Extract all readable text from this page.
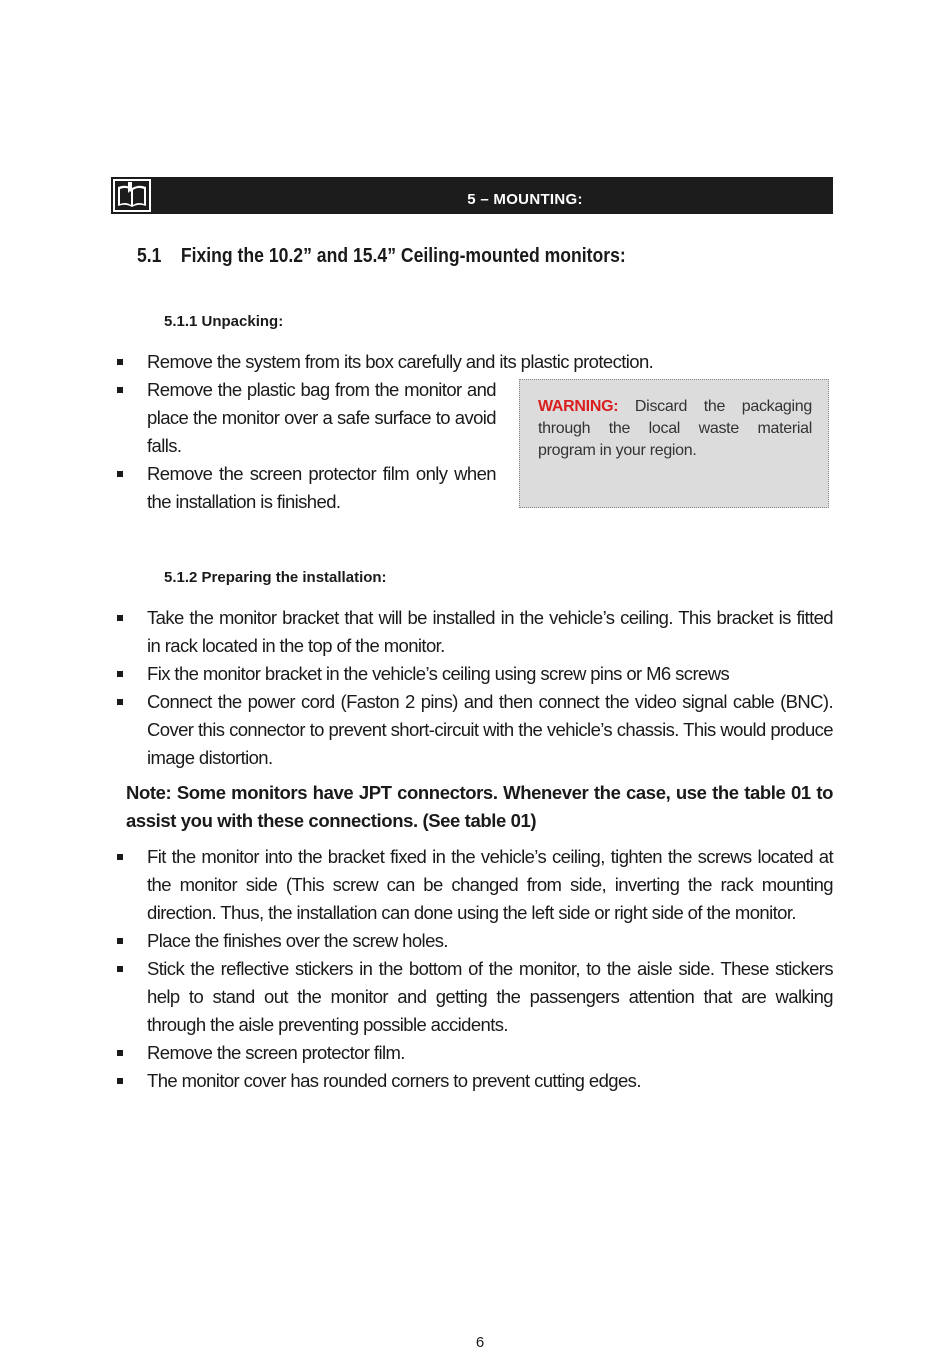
5 – MOUNTING:
5.1 Fixing the 10.2” and 15.4” Ceiling-mounted monitors:
5.1.1 Unpacking:
Remove the system from its box carefully and its plastic protection.
Remove the plastic bag from the monitor and place the monitor over a safe surface to avoid falls.
Remove the screen protector film only when the installation is finished.
WARNING: Discard the packaging through the local waste material program in your region.
5.1.2 Preparing the installation:
Take the monitor bracket that will be installed in the vehicle’s ceiling. This bracket is fitted in rack located in the top of the monitor.
Fix the monitor bracket in the vehicle’s ceiling using screw pins or M6 screws
Connect the power cord (Faston 2 pins) and then connect the video signal cable (BNC). Cover this connector to prevent short-circuit with the vehicle’s chassis. This would produce image distortion.
Note: Some monitors have JPT connectors. Whenever the case, use the table 01 to assist you with these connections. (See table 01)
Fit the monitor into the bracket fixed in the vehicle’s ceiling, tighten the screws located at the monitor side (This screw can be changed from side, inverting the rack mounting direction. Thus, the installation can done using the left side or right side of the monitor.
Place the finishes over the screw holes.
Stick the reflective stickers in the bottom of the monitor, to the aisle side. These stickers help to stand out the monitor and getting the passengers attention that are walking through the aisle preventing possible accidents.
Remove the screen protector film.
The monitor cover has rounded corners to prevent cutting edges.
6
